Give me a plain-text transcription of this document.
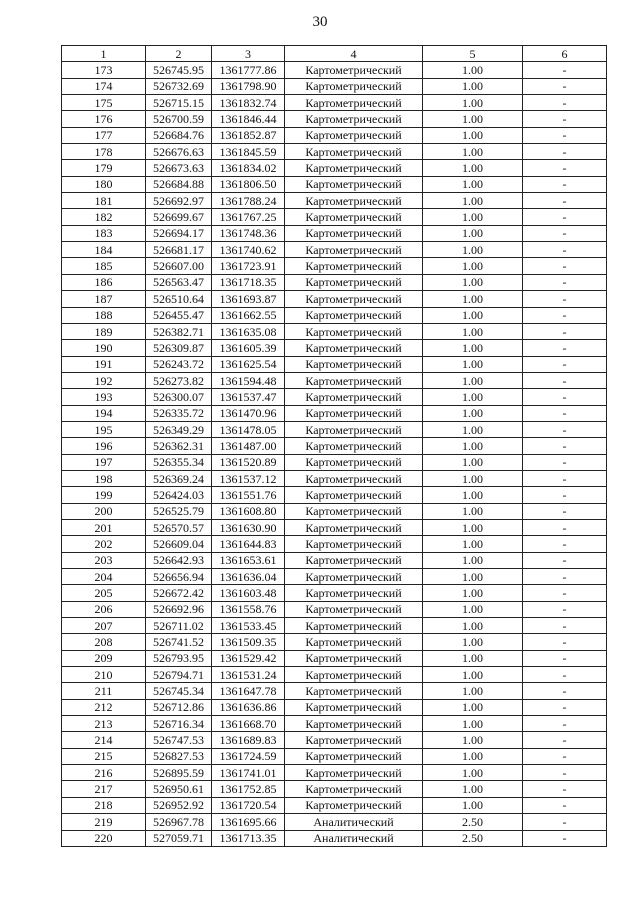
30
1	2	3	4	5	6
173	526745.95	1361777.86	Картометрический	1.00	-
174	526732.69	1361798.90	Картометрический	1.00	-
175	526715.15	1361832.74	Картометрический	1.00	-
176	526700.59	1361846.44	Картометрический	1.00	-
177	526684.76	1361852.87	Картометрический	1.00	-
178	526676.63	1361845.59	Картометрический	1.00	-
179	526673.63	1361834.02	Картометрический	1.00	-
180	526684.88	1361806.50	Картометрический	1.00	-
181	526692.97	1361788.24	Картометрический	1.00	-
182	526699.67	1361767.25	Картометрический	1.00	-
183	526694.17	1361748.36	Картометрический	1.00	-
184	526681.17	1361740.62	Картометрический	1.00	-
185	526607.00	1361723.91	Картометрический	1.00	-
186	526563.47	1361718.35	Картометрический	1.00	-
187	526510.64	1361693.87	Картометрический	1.00	-
188	526455.47	1361662.55	Картометрический	1.00	-
189	526382.71	1361635.08	Картометрический	1.00	-
190	526309.87	1361605.39	Картометрический	1.00	-
191	526243.72	1361625.54	Картометрический	1.00	-
192	526273.82	1361594.48	Картометрический	1.00	-
193	526300.07	1361537.47	Картометрический	1.00	-
194	526335.72	1361470.96	Картометрический	1.00	-
195	526349.29	1361478.05	Картометрический	1.00	-
196	526362.31	1361487.00	Картометрический	1.00	-
197	526355.34	1361520.89	Картометрический	1.00	-
198	526369.24	1361537.12	Картометрический	1.00	-
199	526424.03	1361551.76	Картометрический	1.00	-
200	526525.79	1361608.80	Картометрический	1.00	-
201	526570.57	1361630.90	Картометрический	1.00	-
202	526609.04	1361644.83	Картометрический	1.00	-
203	526642.93	1361653.61	Картометрический	1.00	-
204	526656.94	1361636.04	Картометрический	1.00	-
205	526672.42	1361603.48	Картометрический	1.00	-
206	526692.96	1361558.76	Картометрический	1.00	-
207	526711.02	1361533.45	Картометрический	1.00	-
208	526741.52	1361509.35	Картометрический	1.00	-
209	526793.95	1361529.42	Картометрический	1.00	-
210	526794.71	1361531.24	Картометрический	1.00	-
211	526745.34	1361647.78	Картометрический	1.00	-
212	526712.86	1361636.86	Картометрический	1.00	-
213	526716.34	1361668.70	Картометрический	1.00	-
214	526747.53	1361689.83	Картометрический	1.00	-
215	526827.53	1361724.59	Картометрический	1.00	-
216	526895.59	1361741.01	Картометрический	1.00	-
217	526950.61	1361752.85	Картометрический	1.00	-
218	526952.92	1361720.54	Картометрический	1.00	-
219	526967.78	1361695.66	Аналитический	2.50	-
220	527059.71	1361713.35	Аналитический	2.50	-
